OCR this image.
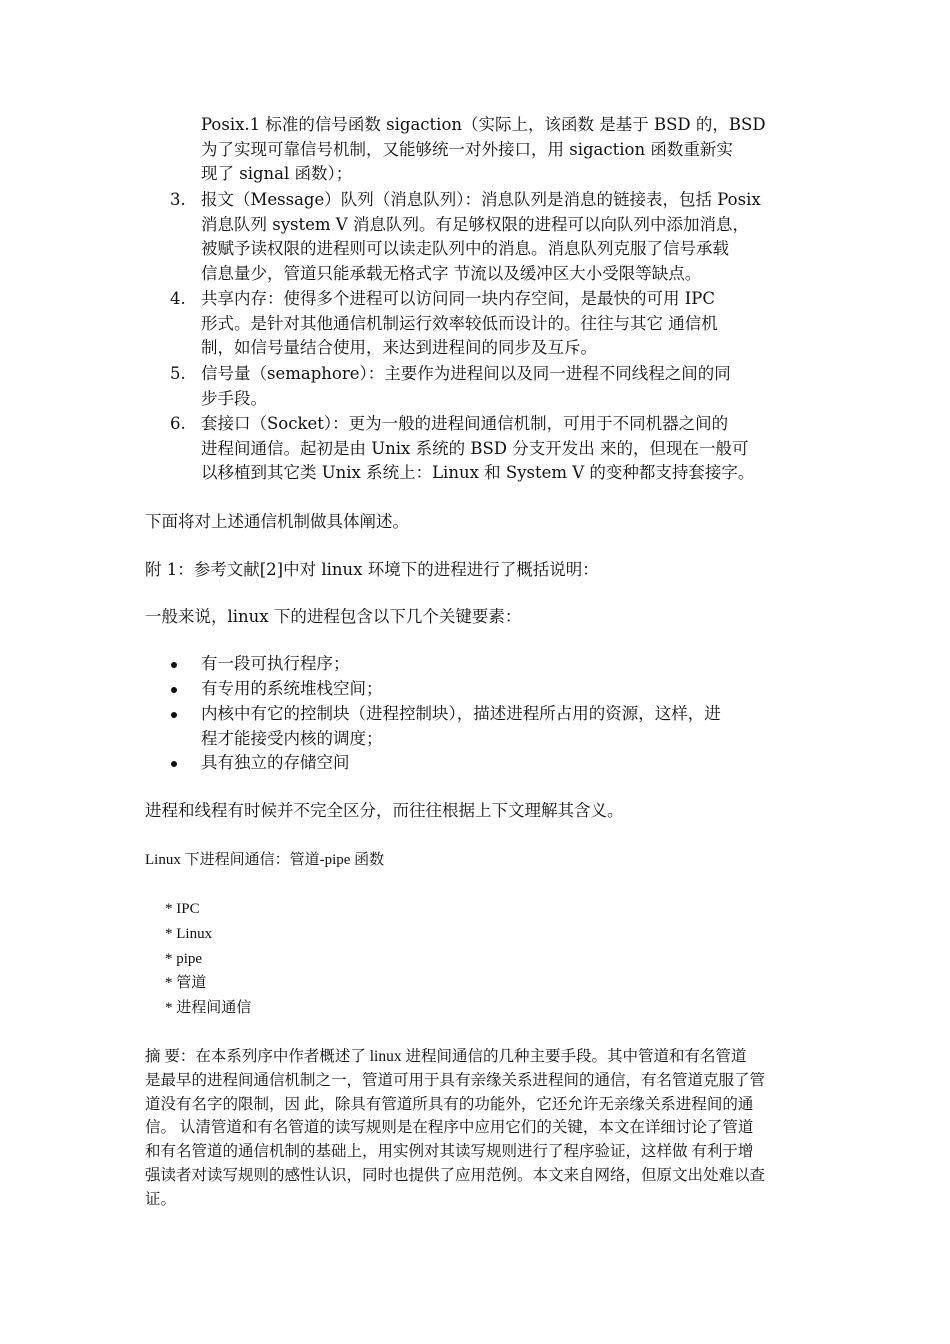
Posix.1 标准的信号函数 sigaction（实际上，该函数 是基于 BSD 的，BSD
为了实现可靠信号机制，又能够统一对外接口，用 sigaction 函数重新实
现了 signal 函数）；
3. 报文（Message）队列（消息队列）：消息队列是消息的链接表，包括 Posix
消息队列 system V 消息队列。有足够权限的进程可以向队列中添加消息，
被赋予读权限的进程则可以读走队列中的消息。消息队列克服了信号承载
信息量少，管道只能承载无格式字 节流以及缓冲区大小受限等缺点。
4. 共享内存：使得多个进程可以访问同一块内存空间，是最快的可用 IPC
形式。是针对其他通信机制运行效率较低而设计的。往往与其它 通信机
制，如信号量结合使用，来达到进程间的同步及互斥。
5. 信号量（semaphore）：主要作为进程间以及同一进程不同线程之间的同
步手段。
6. 套接口（Socket）：更为一般的进程间通信机制，可用于不同机器之间的
进程间通信。起初是由 Unix 系统的 BSD 分支开发出 来的，但现在一般可
以移植到其它类 Unix 系统上：Linux 和 System V 的变种都支持套接字。
下面将对上述通信机制做具体阐述。
附 1：参考文献[2]中对 linux 环境下的进程进行了概括说明：
一般来说，linux 下的进程包含以下几个关键要素：
有一段可执行程序；
有专用的系统堆栈空间；
内核中有它的控制块（进程控制块），描述进程所占用的资源，这样，进
程才能接受内核的调度；
具有独立的存储空间
进程和线程有时候并不完全区分，而往往根据上下文理解其含义。
Linux 下进程间通信：管道-pipe 函数
* IPC
* Linux
* pipe
* 管道
* 进程间通信
摘 要：在本系列序中作者概述了 linux 进程间通信的几种主要手段。其中管道和有名管道
是最早的进程间通信机制之一，管道可用于具有亲缘关系进程间的通信，有名管道克服了管
道没有名字的限制，因 此，除具有管道所具有的功能外，它还允许无亲缘关系进程间的通
信。 认清管道和有名管道的读写规则是在程序中应用它们的关键，本文在详细讨论了管道
和有名管道的通信机制的基础上，用实例对其读写规则进行了程序验证，这样做 有利于增
强读者对读写规则的感性认识，同时也提供了应用范例。本文来自网络，但原文出处难以查
证。
